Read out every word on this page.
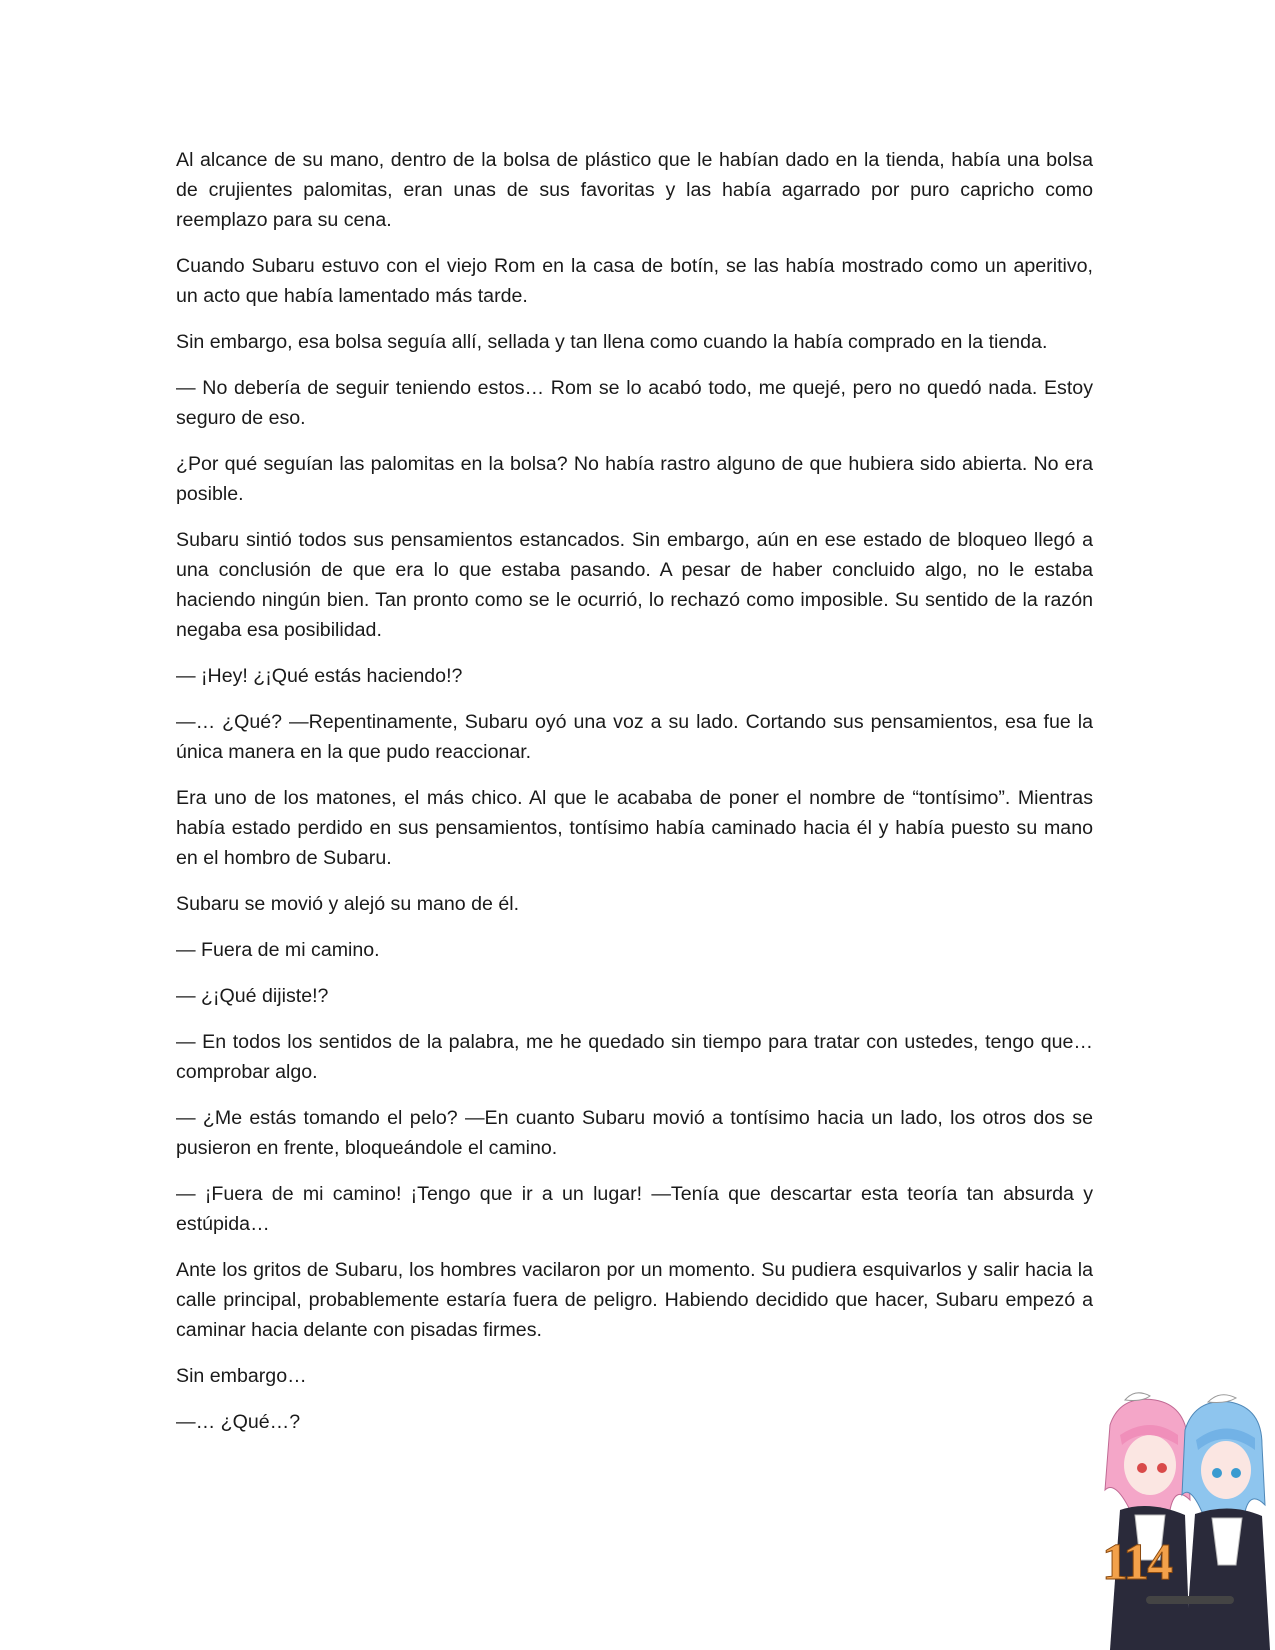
Al alcance de su mano, dentro de la bolsa de plástico que le habían dado en la tienda, había una bolsa de crujientes palomitas, eran unas de sus favoritas y las había agarrado por puro capricho como reemplazo para su cena.

Cuando Subaru estuvo con el viejo Rom en la casa de botín, se las había mostrado como un aperitivo, un acto que había lamentado más tarde.

Sin embargo, esa bolsa seguía allí, sellada y tan llena como cuando la había comprado en la tienda.

— No debería de seguir teniendo estos… Rom se lo acabó todo, me quejé, pero no quedó nada. Estoy seguro de eso.

¿Por qué seguían las palomitas en la bolsa? No había rastro alguno de que hubiera sido abierta. No era posible.

Subaru sintió todos sus pensamientos estancados. Sin embargo, aún en ese estado de bloqueo llegó a una conclusión de que era lo que estaba pasando. A pesar de haber concluido algo, no le estaba haciendo ningún bien. Tan pronto como se le ocurrió, lo rechazó como imposible. Su sentido de la razón negaba esa posibilidad.

— ¡Hey! ¿¡Qué estás haciendo!?

—… ¿Qué? —Repentinamente, Subaru oyó una voz a su lado. Cortando sus pensamientos, esa fue la única manera en la que pudo reaccionar.

Era uno de los matones, el más chico. Al que le acababa de poner el nombre de “tontísimo”. Mientras había estado perdido en sus pensamientos, tontísimo había caminado hacia él y había puesto su mano en el hombro de Subaru.

Subaru se movió y alejó su mano de él.

— Fuera de mi camino.

— ¿¡Qué dijiste!?

— En todos los sentidos de la palabra, me he quedado sin tiempo para tratar con ustedes, tengo que… comprobar algo.

— ¿Me estás tomando el pelo? —En cuanto Subaru movió a tontísimo hacia un lado, los otros dos se pusieron en frente, bloqueándole el camino.

— ¡Fuera de mi camino! ¡Tengo que ir a un lugar! —Tenía que descartar esta teoría tan absurda y estúpida…

Ante los gritos de Subaru, los hombres vacilaron por un momento. Su pudiera esquivarlos y salir hacia la calle principal, probablemente estaría fuera de peligro. Habiendo decidido que hacer, Subaru empezó a caminar hacia delante con pisadas firmes.

Sin embargo…

—… ¿Qué…?

114
